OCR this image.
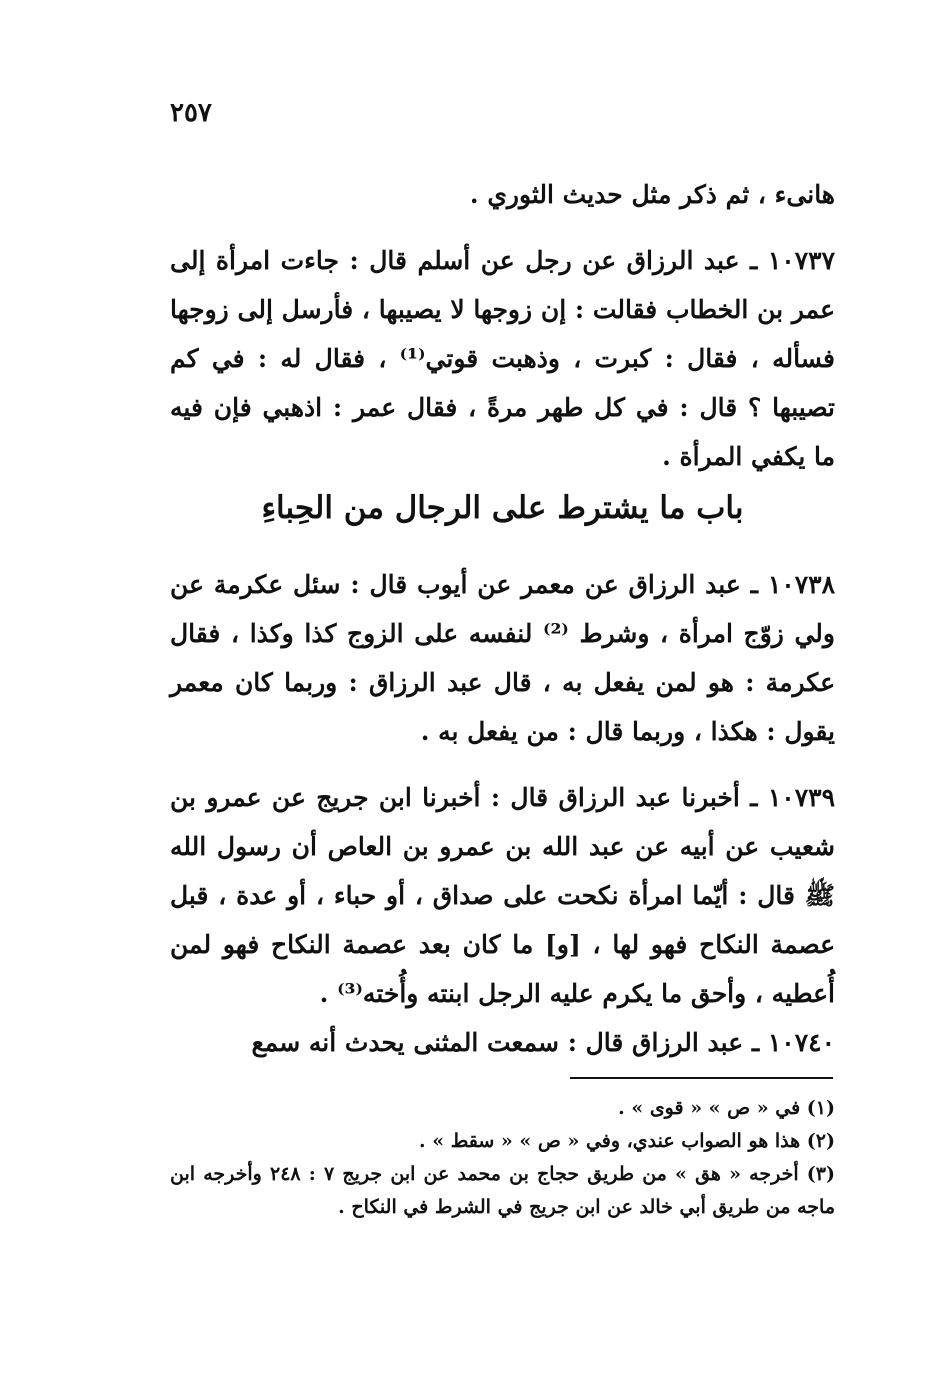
٢٥٧

هانىء ، ثم ذكر مثل حديث الثوري .

١٠٧٣٧ ـ عبد الرزاق عن رجل عن أسلم قال : جاءت امرأة إلى عمر بن الخطاب فقالت : إن زوجها لا يصيبها ، فأرسل إلى زوجها فسأله ، فقال : كبرت ، وذهبت قوتي⁽¹⁾ ، فقال له : في كم تصيبها ؟ قال : في كل طهر مرةً ، فقال عمر : اذهبي فإن فيه ما يكفي المرأة .

باب ما يشترط على الرجال من الحِباءِ

١٠٧٣٨ ـ عبد الرزاق عن معمر عن أيوب قال : سئل عكرمة عن ولي زوّج امرأة ، وشرط ⁽²⁾ لنفسه على الزوج كذا وكذا ، فقال عكرمة : هو لمن يفعل به ، قال عبد الرزاق : وربما كان معمر يقول : هكذا ، وربما قال : من يفعل به .

١٠٧٣٩ ـ أخبرنا عبد الرزاق قال : أخبرنا ابن جريج عن عمرو بن شعيب عن أبيه عن عبد الله بن عمرو بن العاص أن رسول الله ﷺ قال : أيّما امرأة نكحت على صداق ، أو حباء ، أو عدة ، قبل عصمة النكاح فهو لها ، [و] ما كان بعد عصمة النكاح فهو لمن أُعطيه ، وأحق ما يكرم عليه الرجل ابنته وأُخته⁽³⁾ .

١٠٧٤٠ ـ عبد الرزاق قال : سمعت المثنى يحدث أنه سمع

(١) في « ص » « قوى » .

(٢) هذا هو الصواب عندي، وفي « ص » « سقط » .

(٣) أخرجه « هق » من طريق حجاج بن محمد عن ابن جريج ٧ : ٢٤٨ وأخرجه ابن ماجه من طريق أبي خالد عن ابن جريج في الشرط في النكاح .
